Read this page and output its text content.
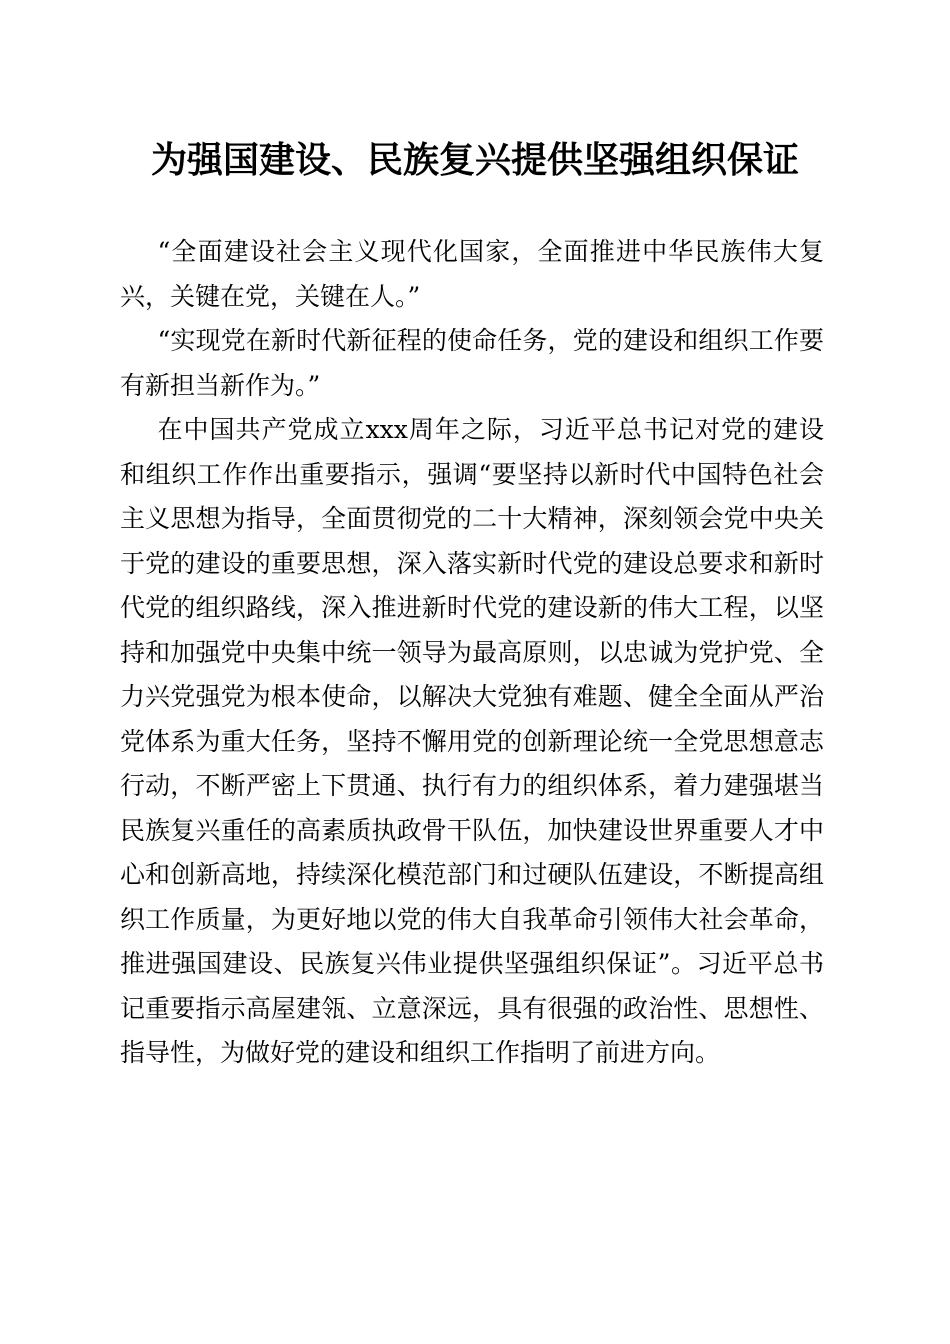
为强国建设、民族复兴提供坚强组织保证

“全面建设社会主义现代化国家，全面推进中华民族伟大复兴，关键在党，关键在人。”

“实现党在新时代新征程的使命任务，党的建设和组织工作要有新担当新作为。”

在中国共产党成立xxx周年之际，习近平总书记对党的建设和组织工作作出重要指示，强调“要坚持以新时代中国特色社会主义思想为指导，全面贯彻党的二十大精神，深刻领会党中央关于党的建设的重要思想，深入落实新时代党的建设总要求和新时代党的组织路线，深入推进新时代党的建设新的伟大工程，以坚持和加强党中央集中统一领导为最高原则，以忠诚为党护党、全力兴党强党为根本使命，以解决大党独有难题、健全全面从严治党体系为重大任务，坚持不懈用党的创新理论统一全党思想意志行动，不断严密上下贯通、执行有力的组织体系，着力建强堪当民族复兴重任的高素质执政骨干队伍，加快建设世界重要人才中心和创新高地，持续深化模范部门和过硬队伍建设，不断提高组织工作质量，为更好地以党的伟大自我革命引领伟大社会革命，推进强国建设、民族复兴伟业提供坚强组织保证”。习近平总书记重要指示高屋建瓴、立意深远，具有很强的政治性、思想性、指导性，为做好党的建设和组织工作指明了前进方向。
